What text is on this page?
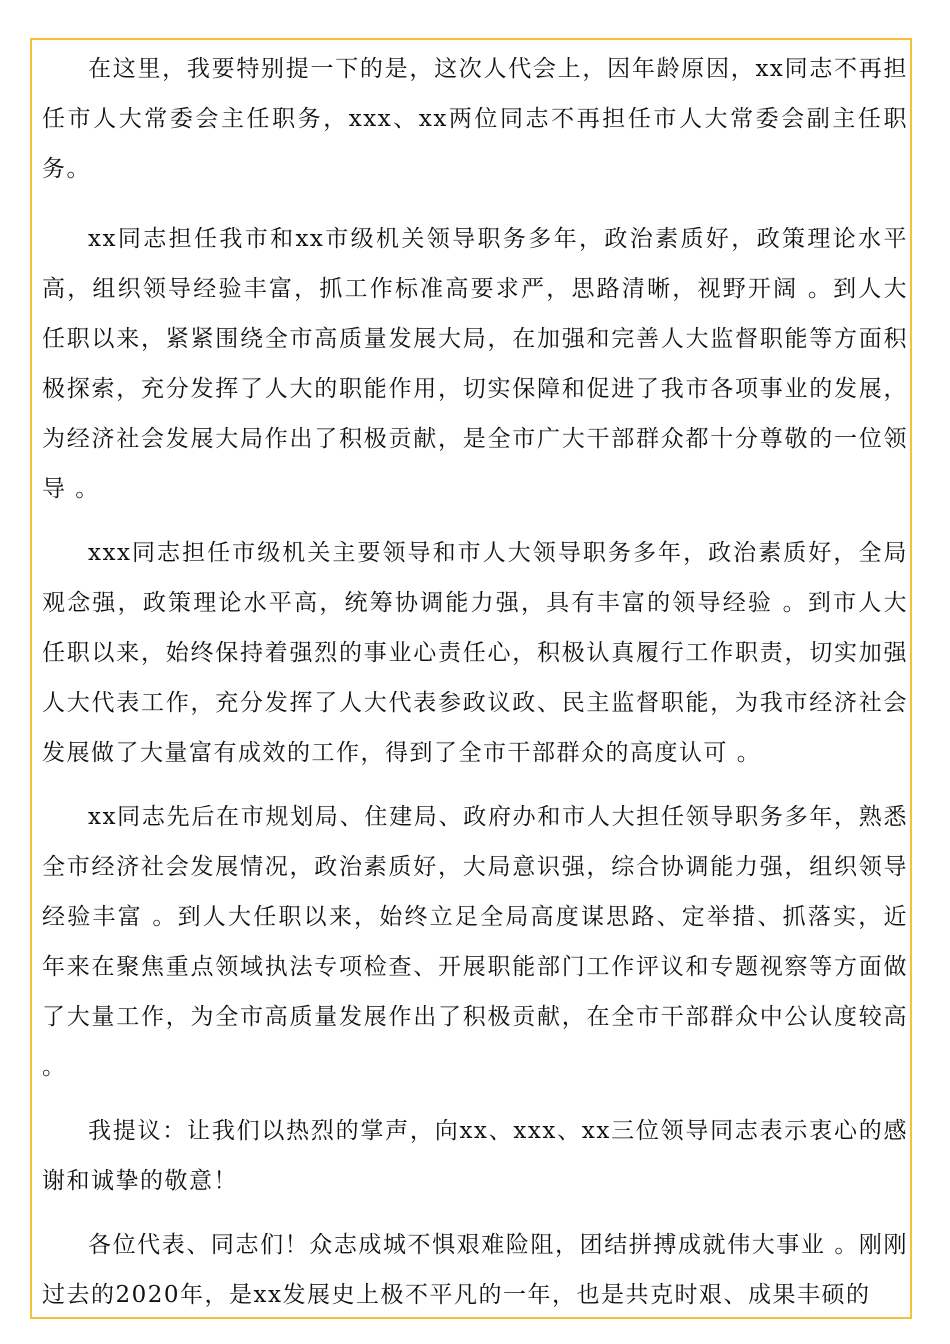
在这里，我要特别提一下的是，这次人代会上，因年龄原因，xx同志不再担任市人大常委会主任职务，xxx、xx两位同志不再担任市人大常委会副主任职务。

xx同志担任我市和xx市级机关领导职务多年，政治素质好，政策理论水平高，组织领导经验丰富，抓工作标准高要求严，思路清晰，视野开阔 。到人大任职以来，紧紧围绕全市高质量发展大局，在加强和完善人大监督职能等方面积极探索，充分发挥了人大的职能作用，切实保障和促进了我市各项事业的发展，为经济社会发展大局作出了积极贡献，是全市广大干部群众都十分尊敬的一位领导 。

xxx同志担任市级机关主要领导和市人大领导职务多年，政治素质好，全局观念强，政策理论水平高，统筹协调能力强，具有丰富的领导经验 。到市人大任职以来，始终保持着强烈的事业心责任心，积极认真履行工作职责，切实加强人大代表工作，充分发挥了人大代表参政议政、民主监督职能，为我市经济社会发展做了大量富有成效的工作，得到了全市干部群众的高度认可 。

xx同志先后在市规划局、住建局、政府办和市人大担任领导职务多年，熟悉全市经济社会发展情况，政治素质好，大局意识强，综合协调能力强，组织领导经验丰富 。到人大任职以来，始终立足全局高度谋思路、定举措、抓落实，近年来在聚焦重点领域执法专项检查、开展职能部门工作评议和专题视察等方面做了大量工作，为全市高质量发展作出了积极贡献，在全市干部群众中公认度较高 。

我提议：让我们以热烈的掌声，向xx、xxx、xx三位领导同志表示衷心的感谢和诚挚的敬意！

各位代表、同志们！众志成城不惧艰难险阻，团结拼搏成就伟大事业 。刚刚过去的2020年，是xx发展史上极不平凡的一年，也是共克时艰、成果丰硕的
